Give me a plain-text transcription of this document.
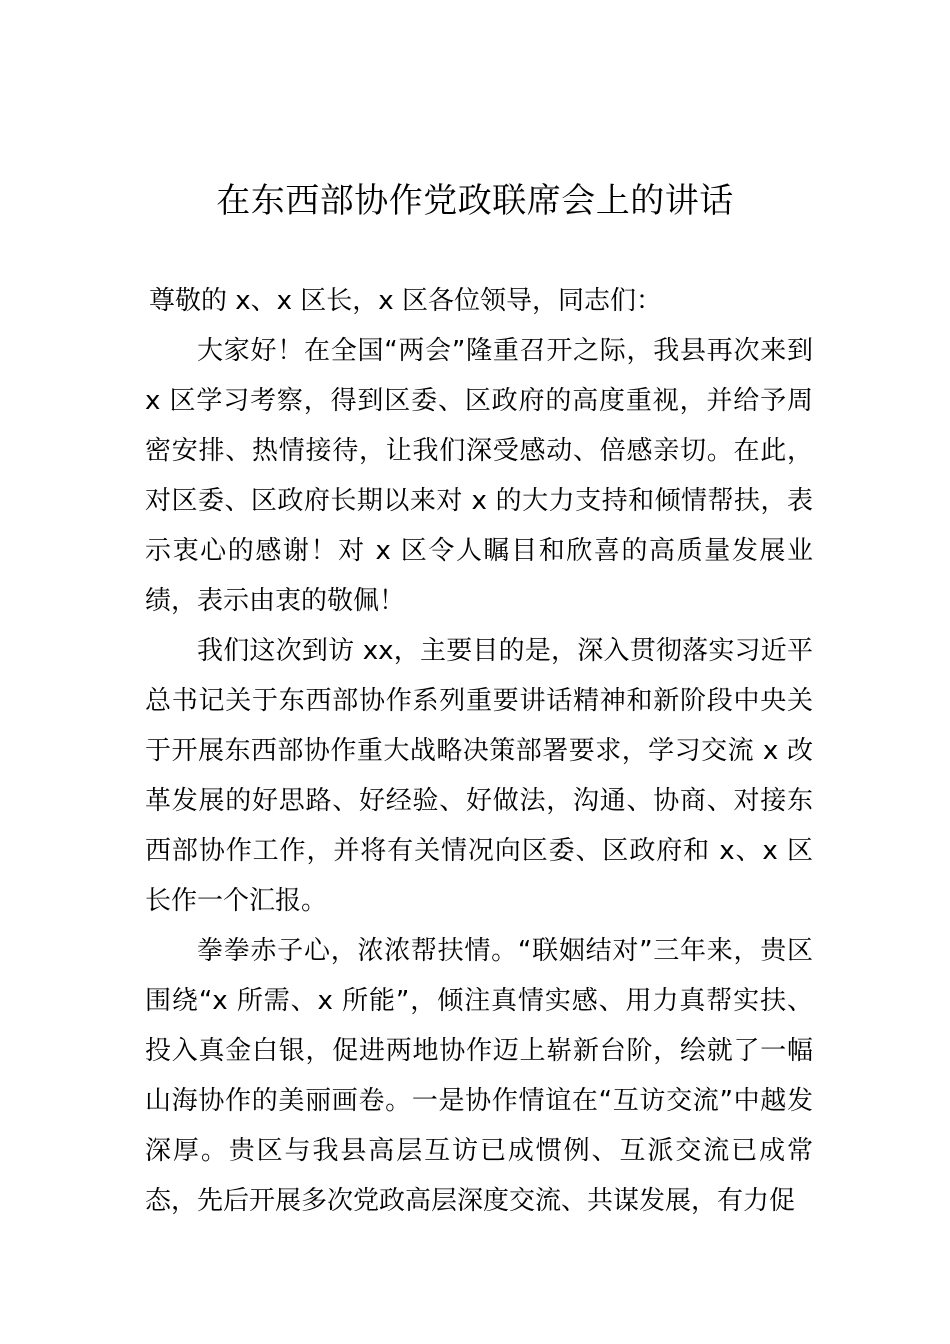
在东西部协作党政联席会上的讲话

尊敬的 x、x 区长，x 区各位领导，同志们：

大家好！在全国“两会”隆重召开之际，我县再次来到 x 区学习考察，得到区委、区政府的高度重视，并给予周密安排、热情接待，让我们深受感动、倍感亲切。在此，对区委、区政府长期以来对 x 的大力支持和倾情帮扶，表示衷心的感谢！对 x 区令人瞩目和欣喜的高质量发展业绩，表示由衷的敬佩！

我们这次到访 xx，主要目的是，深入贯彻落实习近平总书记关于东西部协作系列重要讲话精神和新阶段中央关于开展东西部协作重大战略决策部署要求，学习交流 x 改革发展的好思路、好经验、好做法，沟通、协商、对接东西部协作工作，并将有关情况向区委、区政府和 x、x 区长作一个汇报。

拳拳赤子心，浓浓帮扶情。“联姻结对”三年来，贵区围绕“x 所需、x 所能”，倾注真情实感、用力真帮实扶、投入真金白银，促进两地协作迈上崭新台阶，绘就了一幅山海协作的美丽画卷。一是协作情谊在“互访交流”中越发深厚。贵区与我县高层互访已成惯例、互派交流已成常态，先后开展多次党政高层深度交流、共谋发展，有力促
